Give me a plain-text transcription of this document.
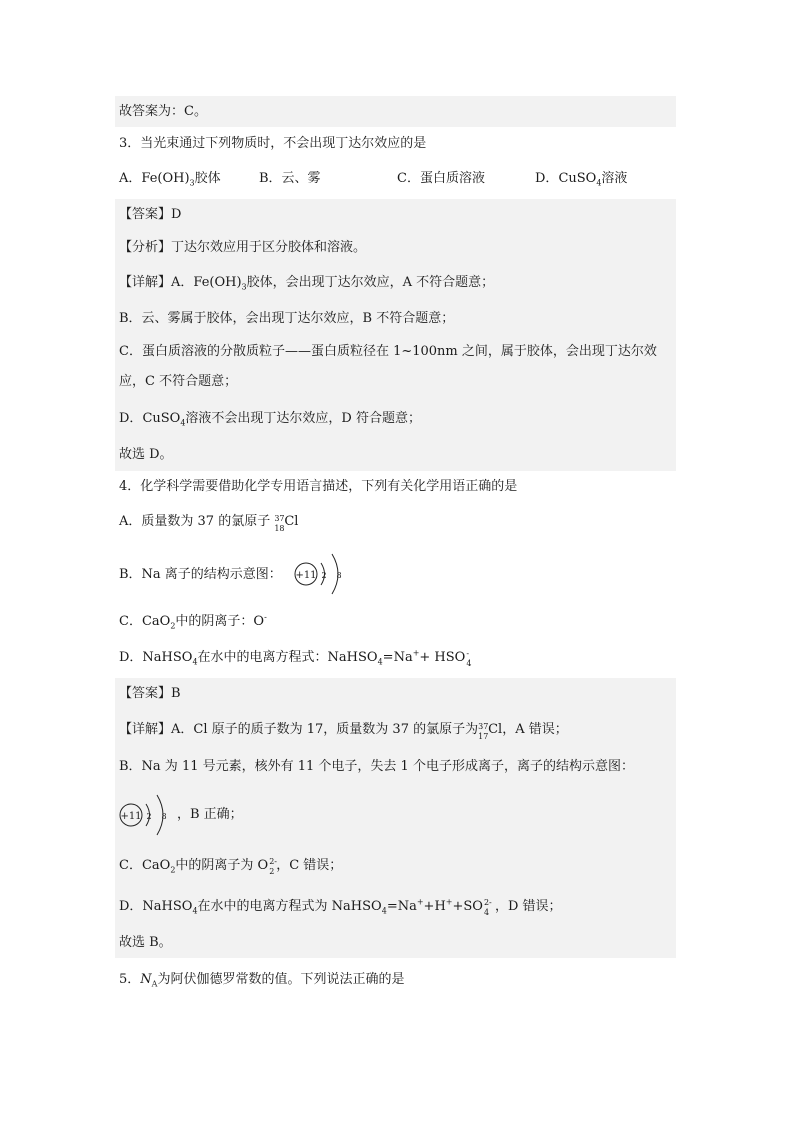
故答案为：C。
3．当光束通过下列物质时，不会出现丁达尔效应的是
A．$Fe(OH)_3$胶体	B．云、雾	C．蛋白质溶液	D．CuSO$_4$溶液
【答案】D
【分析】丁达尔效应用于区分胶体和溶液。
【详解】A．$Fe(OH)_3$胶体，会出现丁达尔效应，A 不符合题意；
B．云、雾属于胶体，会出现丁达尔效应，B 不符合题意；
C．蛋白质溶液的分散质粒子——蛋白质粒径在 1~100nm 之间，属于胶体，会出现丁达尔效
应，C 不符合题意；
D．CuSO$_4$溶液不会出现丁达尔效应，D 符合题意；
故选 D。
4．化学科学需要借助化学专用语言描述，下列有关化学用语正确的是
A．质量数为 37 的氯原子 37
18 Cl
B．Na 离子的结构示意图： +11 2 8
C．CaO$_2$中的阴离子：O-
D．NaHSO$_4$在水中的电离方程式：NaHSO$_4$=Na++ HSO -
4
【答案】B
【详解】A．Cl 原子的质子数为 17，质量数为 37 的氯原子为 37
17 Cl，A 错误；
B．Na 为 11 号元素，核外有 11 个电子，失去 1 个电子形成离子，离子的结构示意图：
+11 2 8 ，B 正确；
C．CaO$_2$中的阴离子为 O 2-
2 ，C 错误；
D．NaHSO$_4$在水中的电离方程式为 NaHSO$_4$=Na++H++SO 2-
4 ，D 错误；
故选 B。
5．$N_A$为阿伏伽德罗常数的值。下列说法正确的是
